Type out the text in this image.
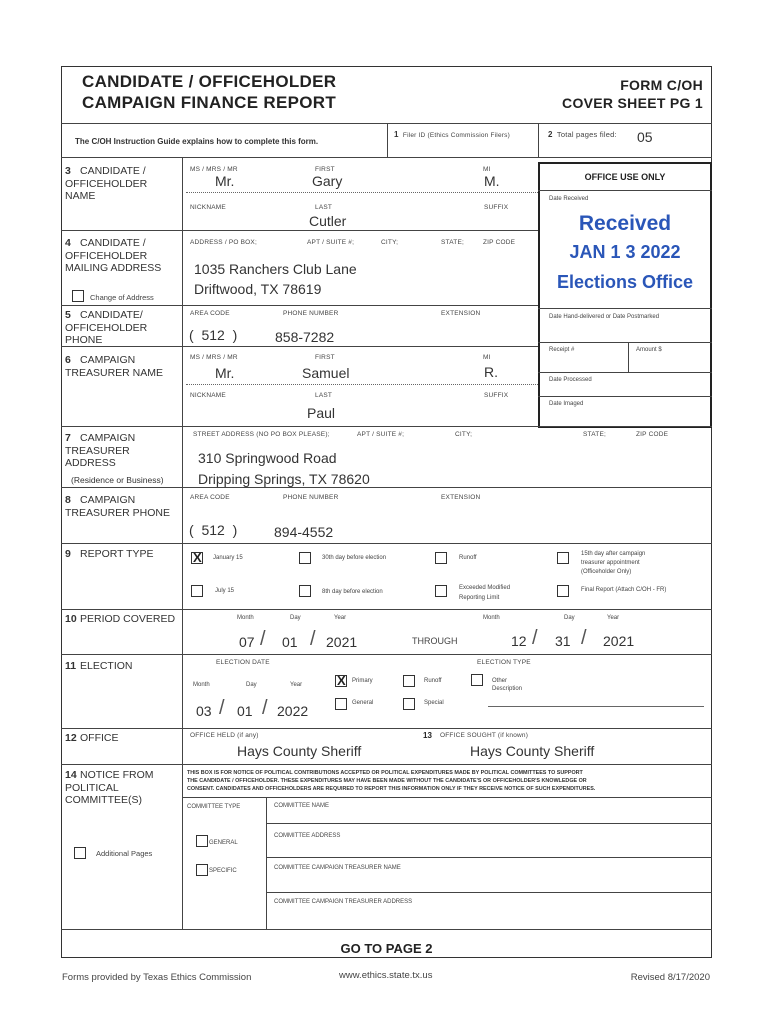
CANDIDATE / OFFICEHOLDER
CAMPAIGN FINANCE REPORT
FORM C/OH
COVER SHEET PG 1
The C/OH Instruction Guide explains how to complete this form.
1 Filer ID (Ethics Commission Filers)	2 Total pages filed: 05
OFFICE USE ONLY
Date Received
Received
JAN 1 3 2022
Elections Office
Date Hand-delivered or Date Postmarked
Receipt #	Amount $
Date Processed
Date Imaged
3 CANDIDATE / OFFICEHOLDER NAME
MS / MRS / MR	FIRST	MI
Mr.	Gary	M.
NICKNAME	LAST	SUFFIX
Cutler
4 CANDIDATE / OFFICEHOLDER MAILING ADDRESS
Change of Address
ADDRESS / PO BOX;	APT / SUITE #;	CITY;	STATE;	ZIP CODE
1035 Ranchers Club Lane
Driftwood, TX 78619
5 CANDIDATE/ OFFICEHOLDER PHONE
AREA CODE	PHONE NUMBER	EXTENSION
(  512  )	858-7282
6 CAMPAIGN TREASURER NAME
MS / MRS / MR	FIRST	MI
Mr.	Samuel	R.
NICKNAME	LAST	SUFFIX
Paul
7 CAMPAIGN TREASURER ADDRESS
(Residence or Business)
STREET ADDRESS (NO PO BOX PLEASE);	APT / SUITE #;	CITY;	STATE;	ZIP CODE
310 Springwood Road
Dripping Springs, TX 78620
8 CAMPAIGN TREASURER PHONE
AREA CODE	PHONE NUMBER	EXTENSION
(  512  )	894-4552
9 REPORT TYPE
X	January 15	30th day before election	Runoff
15th day after campaign
treasurer appointment
(Officeholder Only)
July 15	8th day before election
Exceeded Modified
Reporting Limit
Final Report (Attach C/OH - FR)
10 PERIOD COVERED	Month	Day	Year	Month	Day	Year
07 / 01 / 2021	THROUGH	12 / 31 / 2021
11 ELECTION	ELECTION DATE	ELECTION TYPE
Month	Day	Year
03 / 01 / 2022
X
Primary	Runoff	Other
Description
General	Special
12 OFFICE	OFFICE HELD (if any)	13 OFFICE SOUGHT (if known)
Hays County Sheriff	Hays County Sheriff
14 NOTICE FROM POLITICAL COMMITTEE(S)
Additional Pages
THIS BOX IS FOR NOTICE OF POLITICAL CONTRIBUTIONS ACCEPTED OR POLITICAL EXPENDITURES MADE BY POLITICAL COMMITTEES TO SUPPORT
THE CANDIDATE / OFFICEHOLDER. THESE EXPENDITURES MAY HAVE BEEN MADE WITHOUT THE CANDIDATE'S OR OFFICEHOLDER'S KNOWLEDGE OR
CONSENT. CANDIDATES AND OFFICEHOLDERS ARE REQUIRED TO REPORT THIS INFORMATION ONLY IF THEY RECEIVE NOTICE OF SUCH EXPENDITURES.
COMMITTEE TYPE	COMMITTEE NAME
GENERAL
COMMITTEE ADDRESS
SPECIFIC	COMMITTEE CAMPAIGN TREASURER NAME
COMMITTEE CAMPAIGN TREASURER ADDRESS
GO TO PAGE 2
Forms provided by Texas Ethics Commission	www.ethics.state.tx.us	Revised 8/17/2020
